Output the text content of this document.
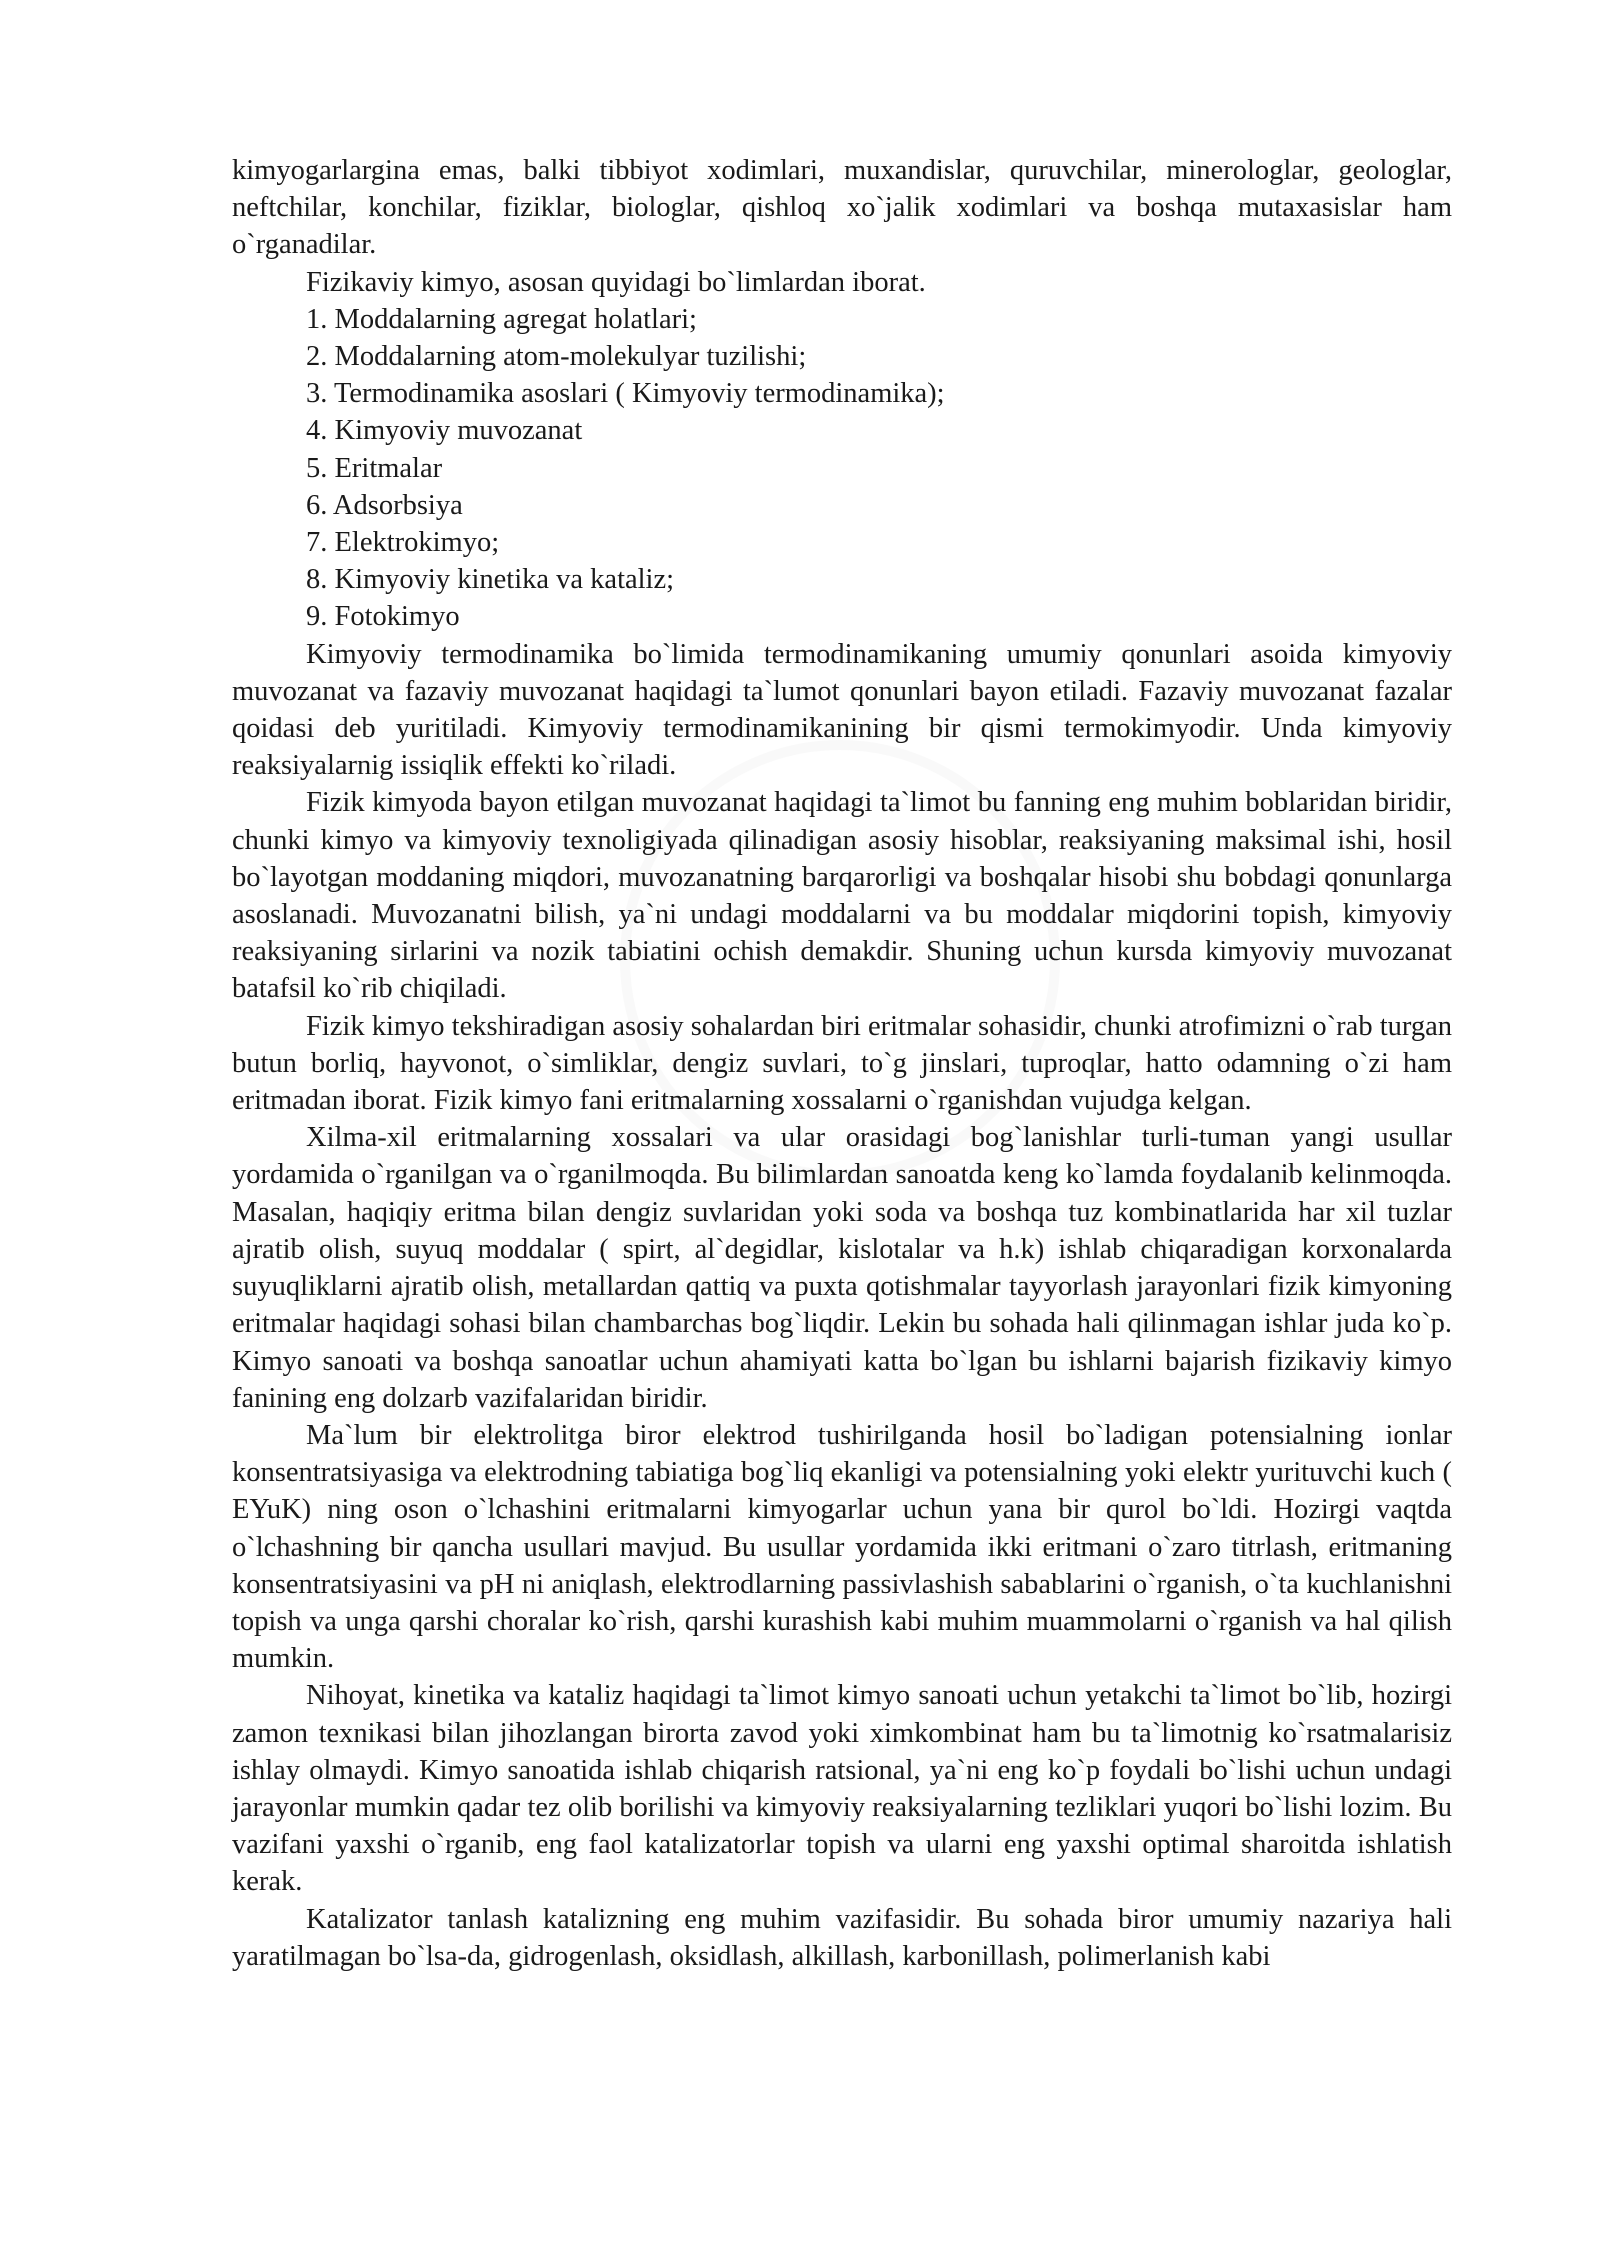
kimyogarlargina emas, balki tibbiyot xodimlari, muxandislar, quruvchilar, minerologlar, geologlar, neftchilar, konchilar, fiziklar, biologlar, qishloq xo`jalik xodimlari va boshqa mutaxasislar ham o`rganadilar.

Fizikaviy kimyo, asosan quyidagi bo`limlardan iborat.

1. Moddalarning agregat holatlari;
2. Moddalarning atom-molekulyar tuzilishi;
3. Termodinamika asoslari ( Kimyoviy termodinamika);
4. Kimyoviy muvozanat
5. Eritmalar
6. Adsorbsiya
7. Elektrokimyo;
8. Kimyoviy kinetika va kataliz;
9. Fotokimyo

Kimyoviy termodinamika bo`limida termodinamikaning umumiy qonunlari asoida kimyoviy muvozanat va fazaviy muvozanat haqidagi ta`lumot qonunlari bayon etiladi. Fazaviy muvozanat fazalar qoidasi deb yuritiladi. Kimyoviy termodinamikanining bir qismi termokimyodir. Unda kimyoviy reaksiyalarnig issiqlik effekti ko`riladi.

Fizik kimyoda bayon etilgan muvozanat haqidagi ta`limot bu fanning eng muhim boblaridan biridir, chunki kimyo va kimyoviy texnoligiyada qilinadigan asosiy hisoblar, reaksiyaning maksimal ishi, hosil bo`layotgan moddaning miqdori, muvozanatning barqarorligi va boshqalar hisobi shu bobdagi qonunlarga asoslanadi. Muvozanatni bilish, ya`ni undagi moddalarni va bu moddalar miqdorini topish, kimyoviy reaksiyaning sirlarini va nozik tabiatini ochish demakdir. Shuning uchun kursda kimyoviy muvozanat batafsil ko`rib chiqiladi.

Fizik kimyo tekshiradigan asosiy sohalardan biri eritmalar sohasidir, chunki atrofimizni o`rab turgan butun borliq, hayvonot, o`simliklar, dengiz suvlari, to`g jinslari, tuproqlar, hatto odamning o`zi ham eritmadan iborat. Fizik kimyo fani eritmalarning xossalarni o`rganishdan vujudga kelgan.

Xilma-xil eritmalarning xossalari va ular orasidagi bog`lanishlar turli-tuman yangi usullar yordamida o`rganilgan va o`rganilmoqda. Bu bilimlardan sanoatda keng ko`lamda foydalanib kelinmoqda. Masalan, haqiqiy eritma bilan dengiz suvlaridan yoki soda va boshqa tuz kombinatlarida har xil tuzlar ajratib olish, suyuq moddalar ( spirt, al`degidlar, kislotalar va h.k) ishlab chiqaradigan korxonalarda suyuqliklarni ajratib olish, metallardan qattiq va puxta qotishmalar tayyorlash jarayonlari fizik kimyoning eritmalar haqidagi sohasi bilan chambarchas bog`liqdir. Lekin bu sohada hali qilinmagan ishlar juda ko`p. Kimyo sanoati va boshqa sanoatlar uchun ahamiyati katta bo`lgan bu ishlarni bajarish fizikaviy kimyo fanining eng dolzarb vazifalaridan biridir.

Ma`lum bir elektrolitga biror elektrod tushirilganda hosil bo`ladigan potensialning ionlar konsentratsiyasiga va elektrodning tabiatiga bog`liq ekanligi va potensialning yoki elektr yurituvchi kuch ( EYuK) ning oson o`lchashini eritmalarni kimyogarlar uchun yana bir qurol bo`ldi. Hozirgi vaqtda o`lchashning bir qancha usullari mavjud. Bu usullar yordamida ikki eritmani o`zaro titrlash, eritmaning konsentratsiyasini va pH ni aniqlash, elektrodlarning passivlashish sabablarini o`rganish, o`ta kuchlanishni topish va unga qarshi choralar ko`rish, qarshi kurashish kabi muhim muammolarni o`rganish va hal qilish mumkin.

Nihoyat, kinetika va kataliz haqidagi ta`limot kimyo sanoati uchun yetakchi ta`limot bo`lib, hozirgi zamon texnikasi bilan jihozlangan birorta zavod yoki ximkombinat ham bu ta`limotnig ko`rsatmalarisiz ishlay olmaydi. Kimyo sanoatida ishlab chiqarish ratsional, ya`ni eng ko`p foydali bo`lishi uchun undagi jarayonlar mumkin qadar tez olib borilishi va kimyoviy reaksiyalarning tezliklari yuqori bo`lishi lozim. Bu vazifani yaxshi o`rganib, eng faol katalizatorlar topish va ularni eng yaxshi optimal sharoitda ishlatish kerak.

Katalizator tanlash katalizning eng muhim vazifasidir. Bu sohada biror umumiy nazariya hali yaratilmagan bo`lsa-da, gidrogenlash, oksidlash, alkillash, karbonillash, polimerlanish kabi
